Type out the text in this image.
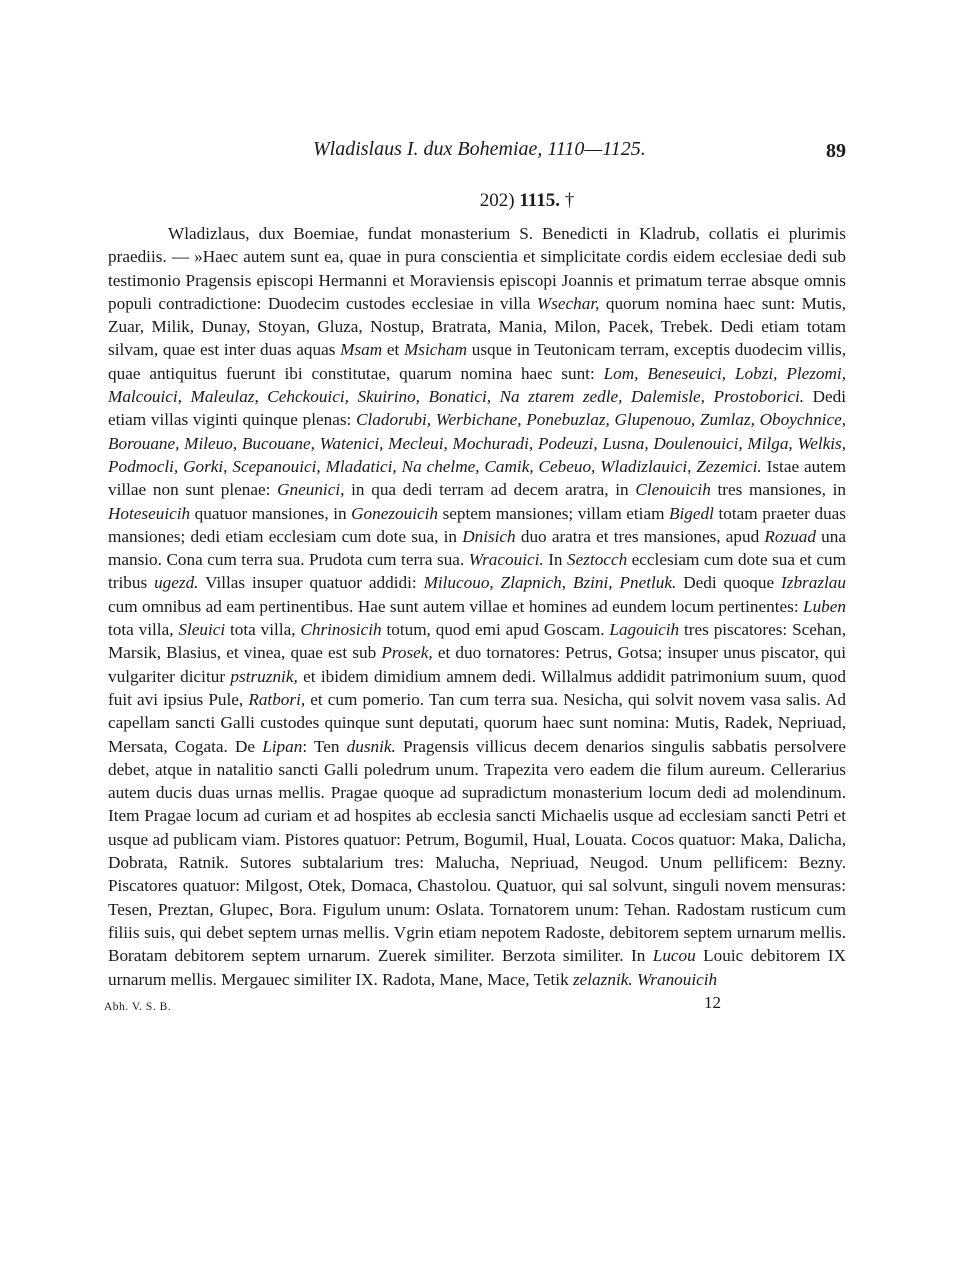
Wladislaus I. dux Bohemiae, 1110—1125.	89
202) 1115. †

Wladizlaus, dux Boemiae, fundat monasterium S. Benedicti in Kladrub, collatis ei plurimis praediis. — »Haec autem sunt ea, quae in pura conscientia et simplicitate cordis eidem ecclesiae dedi sub testimonio Pragensis episcopi Hermanni et Moraviensis episcopi Joannis et primatum terrae absque omnis populi contradictione: Duodecim custodes ecclesiae in villa Wsechar, quorum nomina haec sunt: Mutis, Zuar, Milik, Dunay, Stoyan, Gluza, Nostup, Bratrata, Mania, Milon, Pacek, Trebek. Dedi etiam totam silvam, quae est inter duas aquas Msam et Msicham usque in Teutonicam terram, exceptis duodecim villis, quae antiquitus fuerunt ibi constitutae, quarum nomina haec sunt: Lom, Beneseuici, Lobzi, Plezomi, Malcouici, Maleulaz, Cehckouici, Skuirino, Bonatici, Na ztarem zedle, Dalemisle, Prostoborici. Dedi etiam villas viginti quinque plenas: Cladorubi, Werbichane, Ponebuzlaz, Glupenouo, Zumlaz, Oboychnice, Borouane, Mileuo, Bucouane, Watenici, Mecleui, Mochuradi, Podeuzi, Lusna, Doulenouici, Milga, Welkis, Podmocli, Gorki, Scepanouici, Mladatici, Na chelme, Camik, Cebeuo, Wladizlauici, Zezemici. Istae autem villae non sunt plenae: Gneunici, in qua dedi terram ad decem aratra, in Clenouicih tres mansiones, in Hoteseuicih quatuor mansiones, in Gonezouicih septem mansiones; villam etiam Bigedl totam praeter duas mansiones; dedi etiam ecclesiam cum dote sua, in Dnisich duo aratra et tres mansiones, apud Rozuad una mansio. Cona cum terra sua. Prudota cum terra sua. Wracouici. In Seztocch ecclesiam cum dote sua et cum tribus ugezd. Villas insuper quatuor addidi: Milucouo, Zlapnich, Bzini, Pnetluk. Dedi quoque Izbrazlau cum omnibus ad eam pertinentibus. Hae sunt autem villae et homines ad eundem locum pertinentes: Luben tota villa, Sleuici tota villa, Chrinosicih totum, quod emi apud Goscam. Lagouicih tres piscatores: Scehan, Marsik, Blasius, et vinea, quae est sub Prosek, et duo tornatores: Petrus, Gotsa; insuper unus piscator, qui vulgariter dicitur pstruznik, et ibidem dimidium amnem dedi. Willalmus addidit patrimonium suum, quod fuit avi ipsius Pule, Ratbori, et cum pomerio. Tan cum terra sua. Nesicha, qui solvit novem vasa salis. Ad capellam sancti Galli custodes quinque sunt deputati, quorum haec sunt nomina: Mutis, Radek, Nepriuad, Mersata, Cogata. De Lipan: Ten dusnik. Pragensis villicus decem denarios singulis sabbatis persolvere debet, atque in natalitio sancti Galli poledrum unum. Trapezita vero eadem die filum aureum. Cellerarius autem ducis duas urnas mellis. Pragae quoque ad supradictum monasterium locum dedi ad molendinum. Item Pragae locum ad curiam et ad hospites ab ecclesia sancti Michaelis usque ad ecclesiam sancti Petri et usque ad publicam viam. Pistores quatuor: Petrum, Bogumil, Hual, Louata. Cocos quatuor: Maka, Dalicha, Dobrata, Ratnik. Sutores subtalarium tres: Malucha, Nepriuad, Neugod. Unum pellificem: Bezny. Piscatores quatuor: Milgost, Otek, Domaca, Chastolou. Quatuor, qui sal solvunt, singuli novem mensuras: Tesen, Preztan, Glupec, Bora. Figulum unum: Oslata. Tornatorem unum: Tehan. Radostam rusticum cum filiis suis, qui debet septem urnas mellis. Vgrin etiam nepotem Radoste, debitorem septem urnarum mellis. Boratam debitorem septem urnarum. Zuerek similiter. Berzota similiter. In Lucou Louic debitorem IX urnarum mellis. Mergauec similiter IX. Radota, Mane, Mace, Tetik zelaznik. Wranouicih

Abh. V. S. B.	12
